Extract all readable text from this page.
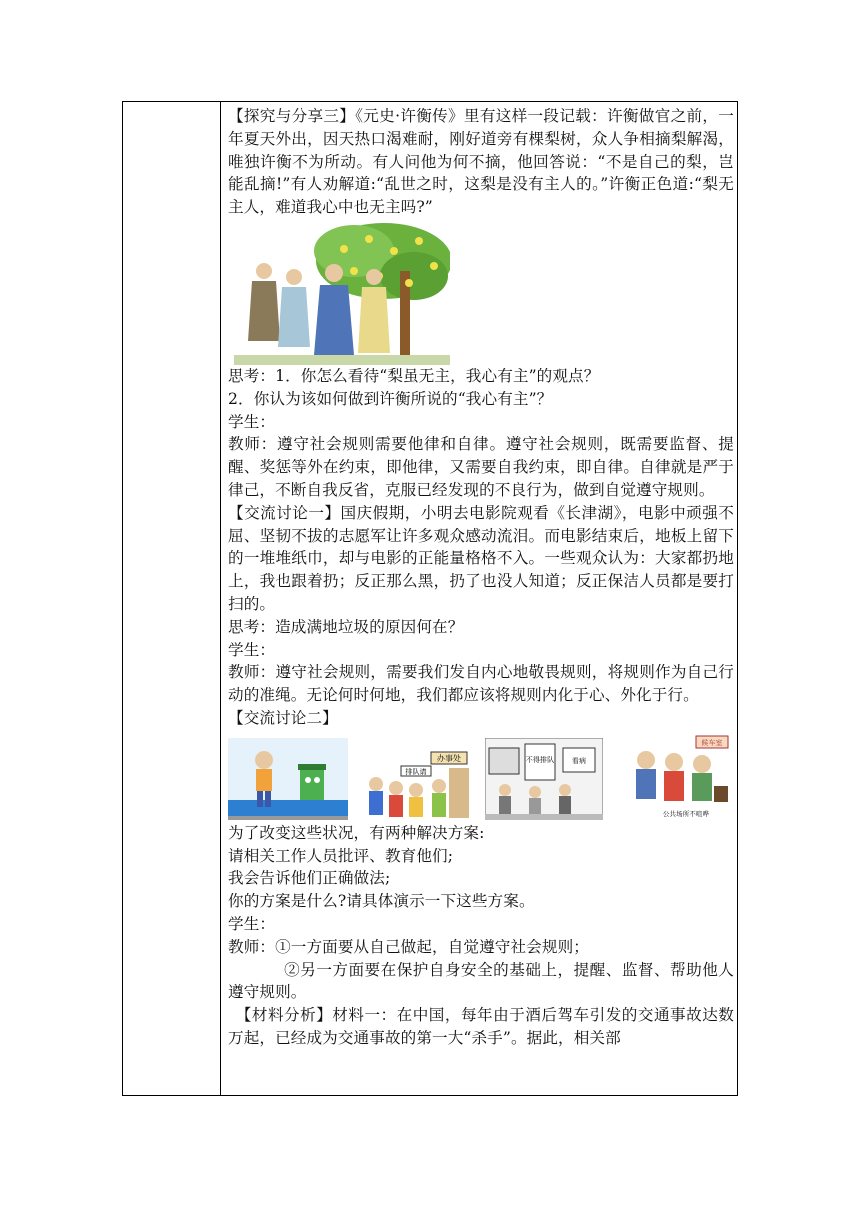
【探究与分享三】《元史·许衡传》里有这样一段记载：许衡做官之前，一年夏天外出，因天热口渴难耐，刚好道旁有棵梨树，众人争相摘梨解渴，唯独许衡不为所动。有人问他为何不摘，他回答说：“不是自己的梨，岂能乱摘!”有人劝解道:“乱世之时，这梨是没有主人的。”许衡正色道:“梨无主人，难道我心中也无主吗?”

思考：1．你怎么看待“梨虽无主，我心有主”的观点？

2．你认为该如何做到许衡所说的“我心有主”？

学生：

教师：遵守社会规则需要他律和自律。遵守社会规则，既需要监督、提醒、奖惩等外在约束，即他律，又需要自我约束，即自律。自律就是严于律己，不断自我反省，克服已经发现的不良行为，做到自觉遵守规则。

【交流讨论一】国庆假期，小明去电影院观看《长津湖》，电影中顽强不屈、坚韧不拔的志愿军让许多观众感动流泪。而电影结束后，地板上留下的一堆堆纸巾，却与电影的正能量格格不入。一些观众认为：大家都扔地上，我也跟着扔；反正那么黑，扔了也没人知道；反正保洁人员都是要打扫的。

思考：造成满地垃圾的原因何在？

学生：

教师：遵守社会规则，需要我们发自内心地敬畏规则，将规则作为自己行动的准绳。无论何时何地，我们都应该将规则内化于心、外化于行。

【交流讨论二】

办事处
排队请
不得排队	看病
候车室
公共场所不喧哗

为了改变这些状况，有两种解决方案:

请相关工作人员批评、教育他们;

我会告诉他们正确做法;

你的方案是什么?请具体演示一下这些方案。

学生：

教师：①一方面要从自己做起，自觉遵守社会规则；

②另一方面要在保护自身安全的基础上，提醒、监督、帮助他人遵守规则。

【材料分析】材料一：在中国，每年由于酒后驾车引发的交通事故达数万起，已经成为交通事故的第一大“杀手”。据此，相关部
